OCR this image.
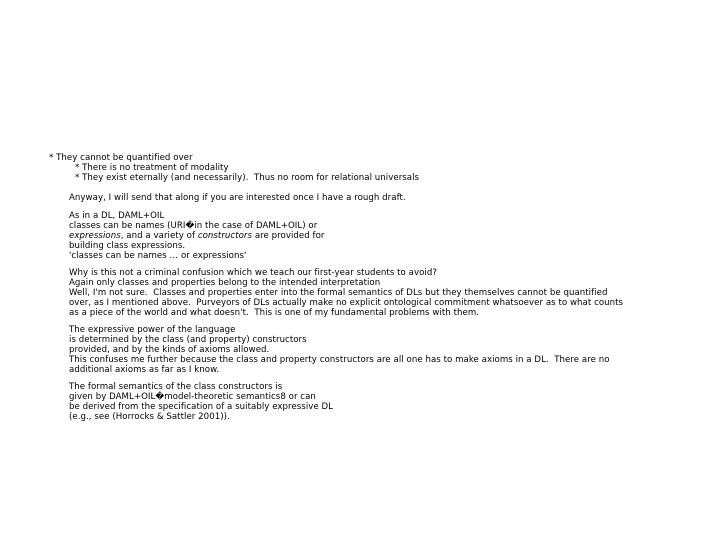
* They cannot be quantified over
* There is no treatment of modality
* They exist eternally (and necessarily).  Thus no room for relational universals
Anyway, I will send that along if you are interested once I have a rough draft.
As in a DL, DAML+OIL
classes can be names (URI�in the case of DAML+OIL) or
expressions, and a variety of constructors are provided for
building class expressions.
'classes can be names … or expressions'
Why is this not a criminal confusion which we teach our first-year students to avoid?
Again only classes and properties belong to the intended interpretation
Well, I'm not sure.  Classes and properties enter into the formal semantics of DLs but they themselves cannot be quantified
over, as I mentioned above.  Purveyors of DLs actually make no explicit ontological commitment whatsoever as to what counts
as a piece of the world and what doesn't.  This is one of my fundamental problems with them.
The expressive power of the language
is determined by the class (and property) constructors
provided, and by the kinds of axioms allowed.
This confuses me further because the class and property constructors are all one has to make axioms in a DL.  There are no
additional axioms as far as I know.
The formal semantics of the class constructors is
given by DAML+OIL�model-theoretic semantics8 or can
be derived from the specification of a suitably expressive DL
(e.g., see (Horrocks & Sattler 2001)).
